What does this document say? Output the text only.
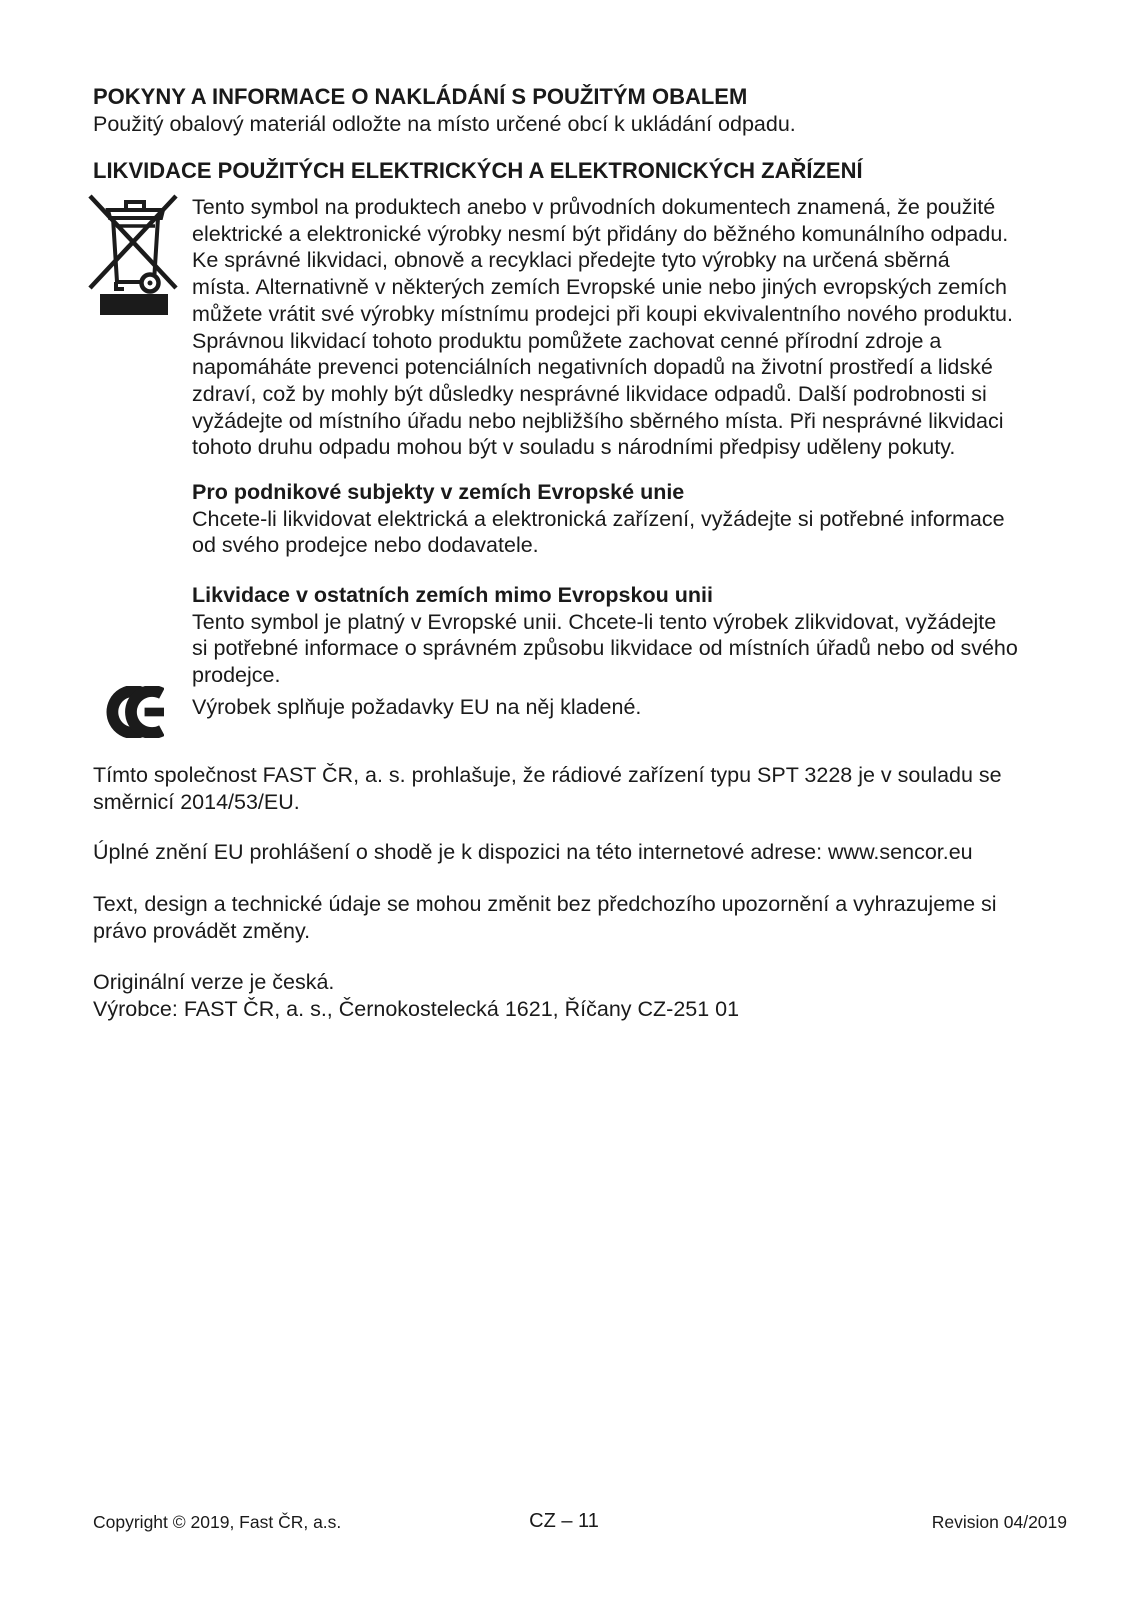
POKYNY A INFORMACE O NAKLÁDÁNÍ S POUŽITÝM OBALEM
Použitý obalový materiál odložte na místo určené obcí k ukládání odpadu.
LIKVIDACE POUŽITÝCH ELEKTRICKÝCH A ELEKTRONICKÝCH ZAŘÍZENÍ
Tento symbol na produktech anebo v průvodních dokumentech znamená, že použité
elektrické a elektronické výrobky nesmí být přidány do běžného komunálního odpadu.
Ke správné likvidaci, obnově a recyklaci předejte tyto výrobky na určená sběrná
místa. Alternativně v některých zemích Evropské unie nebo jiných evropských zemích
můžete vrátit své výrobky místnímu prodejci při koupi ekvivalentního nového produktu.
Správnou likvidací tohoto produktu pomůžete zachovat cenné přírodní zdroje a
napomáháte prevenci potenciálních negativních dopadů na životní prostředí a lidské
zdraví, což by mohly být důsledky nesprávné likvidace odpadů. Další podrobnosti si
vyžádejte od místního úřadu nebo nejbližšího sběrného místa. Při nesprávné likvidaci
tohoto druhu odpadu mohou být v souladu s národními předpisy uděleny pokuty.
Pro podnikové subjekty v zemích Evropské unie
Chcete-li likvidovat elektrická a elektronická zařízení, vyžádejte si potřebné informace
od svého prodejce nebo dodavatele.
Likvidace v ostatních zemích mimo Evropskou unii
Tento symbol je platný v Evropské unii. Chcete-li tento výrobek zlikvidovat, vyžádejte
si potřebné informace o správném způsobu likvidace od místních úřadů nebo od svého
prodejce.
Výrobek splňuje požadavky EU na něj kladené.
Tímto společnost FAST ČR, a. s. prohlašuje, že rádiové zařízení typu SPT 3228 je v souladu se
směrnicí 2014/53/EU.
Úplné znění EU prohlášení o shodě je k dispozici na této internetové adrese: www.sencor.eu
Text, design a technické údaje se mohou změnit bez předchozího upozornění a vyhrazujeme si
právo provádět změny.
Originální verze je česká.
Výrobce: FAST ČR, a. s., Černokostelecká 1621, Říčany CZ-251 01
Copyright © 2019, Fast ČR, a.s.	CZ – 11	Revision 04/2019
